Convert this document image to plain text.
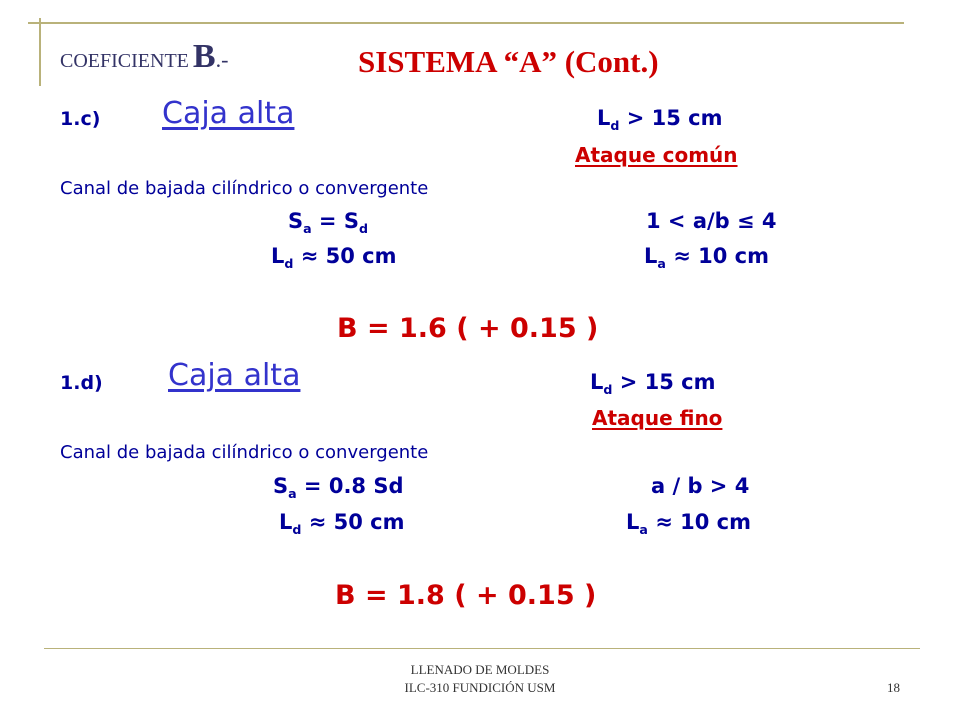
COEFICIENTE B.-	SISTEMA “A” (Cont.)
1.c) Caja alta	$L_d > 15$ cm
Ataque común
Canal de bajada cilíndrico o convergente
$S_a = S_d$	1 < a/b ≤ 4
$L_d \approx 50$ cm	$L_a \approx 10$ cm
B = 1.6 ( + 0.15 )
1.d) Caja alta	$L_d > 15$ cm
Ataque fino
Canal de bajada cilíndrico o convergente
$S_a = 0.8$ Sd	a / b > 4
$L_d \approx 50$ cm	$L_a \approx 10$ cm
B = 1.8 ( + 0.15 )
LLENADO DE MOLDES
ILC-310 FUNDICIÓN USM	18
